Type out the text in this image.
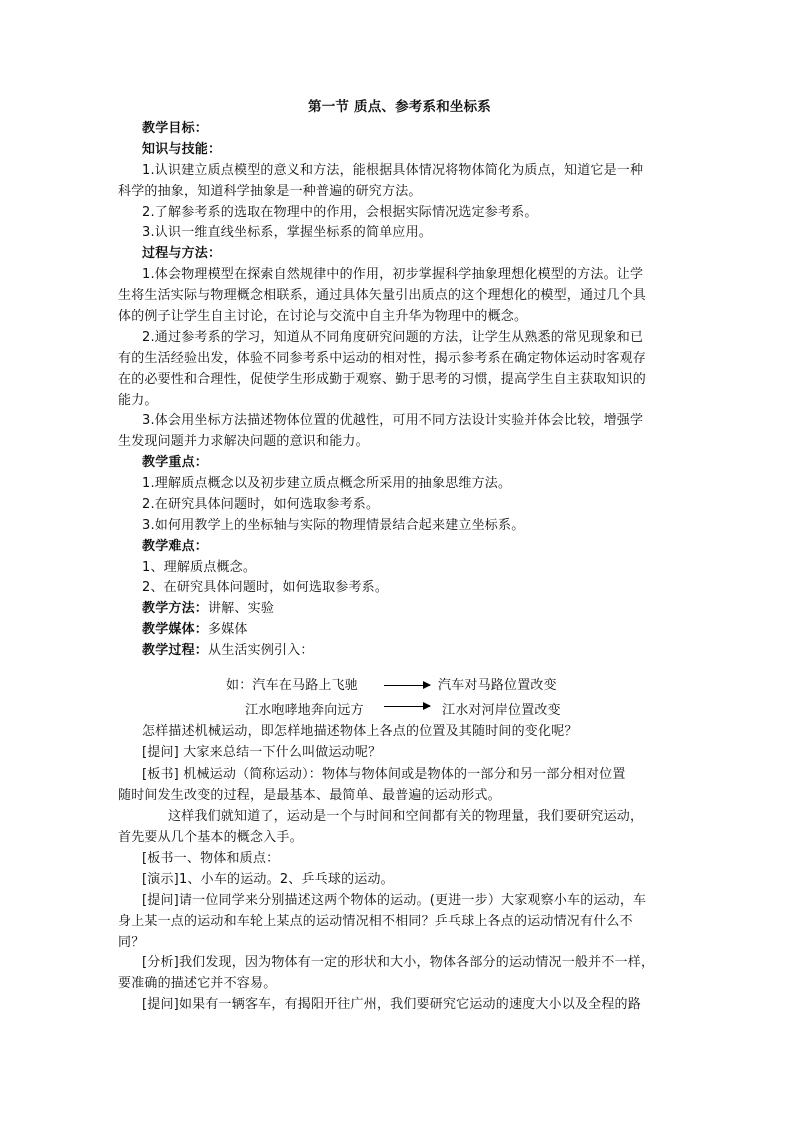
第一节 质点、参考系和坐标系
教学目标：
知识与技能：
1.认识建立质点模型的意义和方法，能根据具体情况将物体简化为质点，知道它是一种
科学的抽象，知道科学抽象是一种普遍的研究方法。
2.了解参考系的选取在物理中的作用，会根据实际情况选定参考系。
3.认识一维直线坐标系，掌握坐标系的简单应用。
过程与方法：
1.体会物理模型在探索自然规律中的作用，初步掌握科学抽象理想化模型的方法。让学
生将生活实际与物理概念相联系，通过具体矢量引出质点的这个理想化的模型，通过几个具
体的例子让学生自主讨论，在讨论与交流中自主升华为物理中的概念。
2.通过参考系的学习，知道从不同角度研究问题的方法，让学生从熟悉的常见现象和已
有的生活经验出发，体验不同参考系中运动的相对性，揭示参考系在确定物体运动时客观存
在的必要性和合理性，促使学生形成勤于观察、勤于思考的习惯，提高学生自主获取知识的
能力。
3.体会用坐标方法描述物体位置的优越性，可用不同方法设计实验并体会比较，增强学
生发现问题并力求解决问题的意识和能力。
教学重点：
1.理解质点概念以及初步建立质点概念所采用的抽象思维方法。
2.在研究具体问题时，如何选取参考系。
3.如何用教学上的坐标轴与实际的物理情景结合起来建立坐标系。
教学难点：
1、理解质点概念。
2、在研究具体问题时，如何选取参考系。
教学方法：讲解、实验
教学媒体：多媒体
教学过程：从生活实例引入：
如：汽车在马路上飞驰	汽车对马路位置改变
江水咆哮地奔向远方	江水对河岸位置改变
怎样描述机械运动，即怎样地描述物体上各点的位置及其随时间的变化呢？
[提问] 大家来总结一下什么叫做运动呢？
[板书] 机械运动（简称运动）：物体与物体间或是物体的一部分和另一部分相对位置
随时间发生改变的过程，是最基本、最简单、最普遍的运动形式。
这样我们就知道了，运动是一个与时间和空间都有关的物理量，我们要研究运动，
首先要从几个基本的概念入手。
[板书一、物体和质点：
[演示]1、小车的运动。2、乒乓球的运动。
[提问]请一位同学来分别描述这两个物体的运动。(更进一步）大家观察小车的运动，车
身上某一点的运动和车轮上某点的运动情况相不相同？乒乓球上各点的运动情况有什么不
同？
[分析]我们发现，因为物体有一定的形状和大小，物体各部分的运动情况一般并不一样，
要准确的描述它并不容易。
[提问]如果有一辆客车，有揭阳开往广州，我们要研究它运动的速度大小以及全程的路
